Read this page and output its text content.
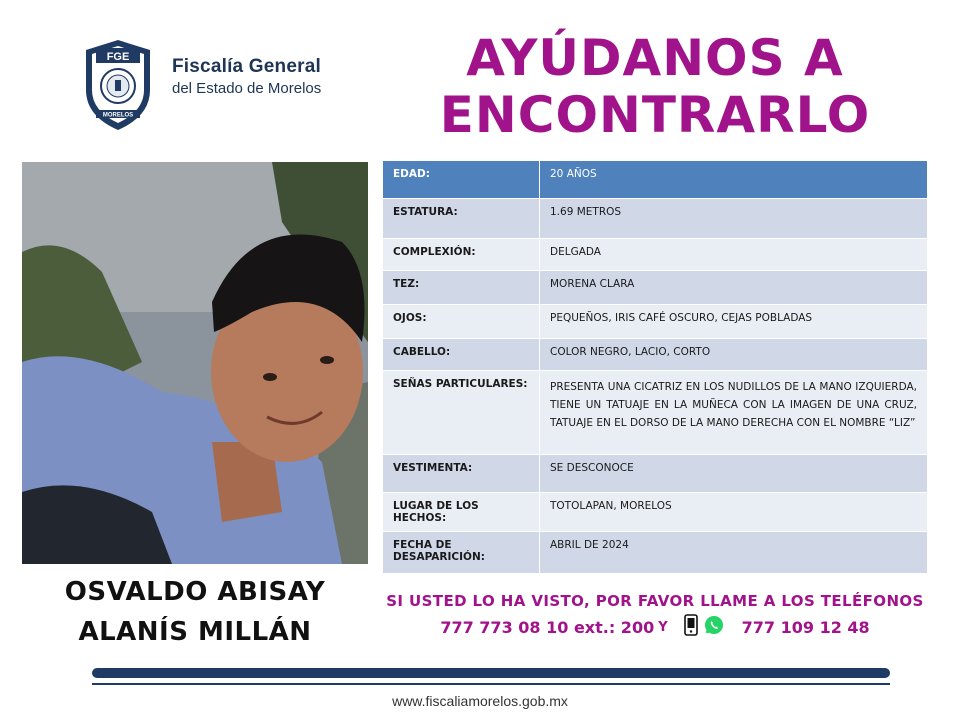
FGE
MORELOS
Fiscalía General
del Estado de Morelos
AYÚDANOS A
ENCONTRARLO
OSVALDO ABISAY
ALANÍS MILLÁN
EDAD:	20 AÑOS
ESTATURA:	1.69 METROS
COMPLEXIÓN:	DELGADA
TEZ:	MORENA CLARA
OJOS:	PEQUEÑOS, IRIS CAFÉ OSCURO, CEJAS POBLADAS
CABELLO:	COLOR NEGRO, LACIO, CORTO
SEÑAS PARTICULARES:	PRESENTA UNA CICATRIZ EN LOS NUDILLOS DE LA MANO IZQUIERDA, TIENE UN TATUAJE EN LA MUÑECA CON LA IMAGEN DE UNA CRUZ, TATUAJE EN EL DORSO DE LA MANO DERECHA CON EL NOMBRE “LIZ”
VESTIMENTA:	SE DESCONOCE
LUGAR DE LOS HECHOS:	TOTOLAPAN, MORELOS
FECHA DE DESAPARICIÓN:	ABRIL DE 2024
SI USTED LO HA VISTO, POR FAVOR LLAME A LOS TELÉFONOS
777 773 08 10 ext.: 200 Y	777 109 12 48
www.fiscaliamorelos.gob.mx
